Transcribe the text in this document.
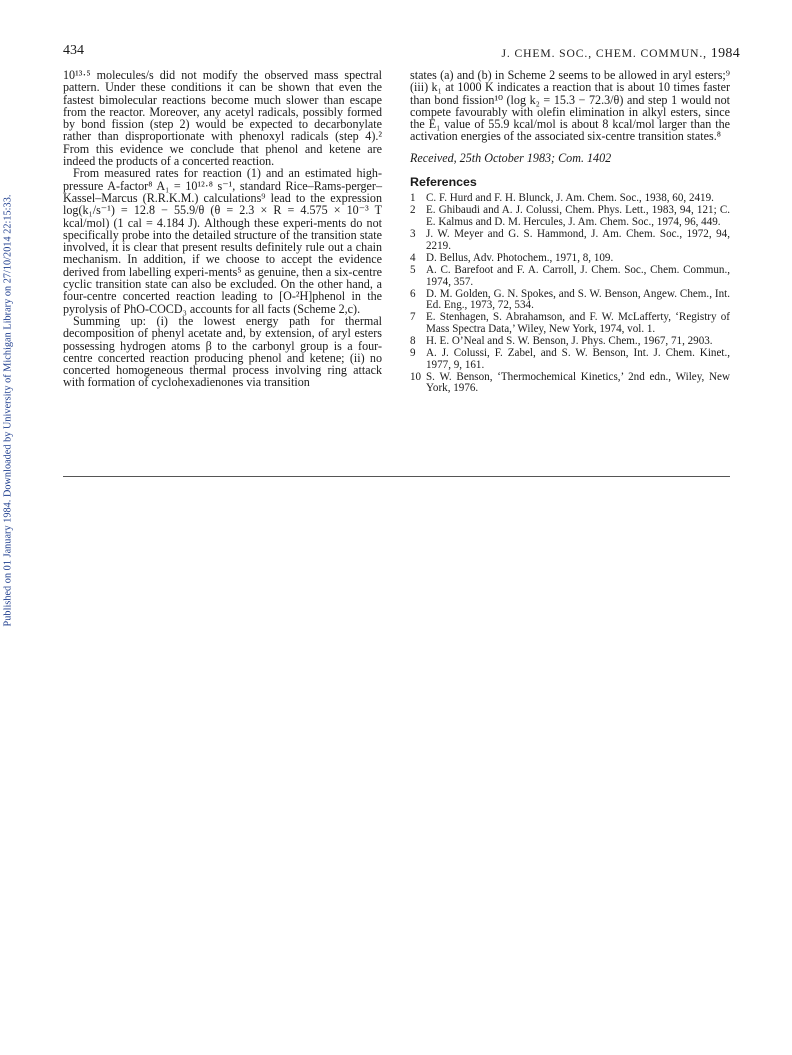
Published on 01 January 1984. Downloaded by University of Michigan Library on 27/10/2014 22:15:33.
434	J. CHEM. SOC., CHEM. COMMUN., 1984

10¹³·⁵ molecules/s did not modify the observed mass spectral pattern. Under these conditions it can be shown that even the fastest bimolecular reactions become much slower than escape from the reactor. Moreover, any acetyl radicals, possibly formed by bond fission (step 2) would be expected to decarbonylate rather than disproportionate with phenoxyl radicals (step 4).² From this evidence we conclude that phenol and ketene are indeed the products of a concerted reaction.

From measured rates for reaction (1) and an estimated high-pressure A-factor⁸ A₁ = 10¹²·⁸ s⁻¹, standard Rice–Rams-perger–Kassel–Marcus (R.R.K.M.) calculations⁹ lead to the expression log(k₁/s⁻¹) = 12.8 − 55.9/θ (θ = 2.3 × R = 4.575 × 10⁻³ T kcal/mol) (1 cal = 4.184 J). Although these experi-ments do not specifically probe into the detailed structure of the transition state involved, it is clear that present results definitely rule out a chain mechanism. In addition, if we choose to accept the evidence derived from labelling experi-ments⁵ as genuine, then a six-centre cyclic transition state can also be excluded. On the other hand, a four-centre concerted reaction leading to [O-²H]phenol in the pyrolysis of PhO-COCD₃ accounts for all facts (Scheme 2,c).

Summing up: (i) the lowest energy path for thermal decomposition of phenyl acetate and, by extension, of aryl esters possessing hydrogen atoms β to the carbonyl group is a four-centre concerted reaction producing phenol and ketene; (ii) no concerted homogeneous thermal process involving ring attack with formation of cyclohexadienones via transition

states (a) and (b) in Scheme 2 seems to be allowed in aryl esters;⁹ (iii) k₁ at 1000 K indicates a reaction that is about 10 times faster than bond fission¹⁰ (log k₂ = 15.3 − 72.3/θ) and step 1 would not compete favourably with olefin elimination in alkyl esters, since the E₁ value of 55.9 kcal/mol is about 8 kcal/mol larger than the activation energies of the associated six-centre transition states.⁸

Received, 25th October 1983; Com. 1402

References
1 C. F. Hurd and F. H. Blunck, J. Am. Chem. Soc., 1938, 60, 2419.
2 E. Ghibaudi and A. J. Colussi, Chem. Phys. Lett., 1983, 94, 121; C. E. Kalmus and D. M. Hercules, J. Am. Chem. Soc., 1974, 96, 449.
3 J. W. Meyer and G. S. Hammond, J. Am. Chem. Soc., 1972, 94, 2219.
4 D. Bellus, Adv. Photochem., 1971, 8, 109.
5 A. C. Barefoot and F. A. Carroll, J. Chem. Soc., Chem. Commun., 1974, 357.
6 D. M. Golden, G. N. Spokes, and S. W. Benson, Angew. Chem., Int. Ed. Eng., 1973, 72, 534.
7 E. Stenhagen, S. Abrahamson, and F. W. McLafferty, ‘Registry of Mass Spectra Data,’ Wiley, New York, 1974, vol. 1.
8 H. E. O’Neal and S. W. Benson, J. Phys. Chem., 1967, 71, 2903.
9 A. J. Colussi, F. Zabel, and S. W. Benson, Int. J. Chem. Kinet., 1977, 9, 161.
10 S. W. Benson, ‘Thermochemical Kinetics,’ 2nd edn., Wiley, New York, 1976.
